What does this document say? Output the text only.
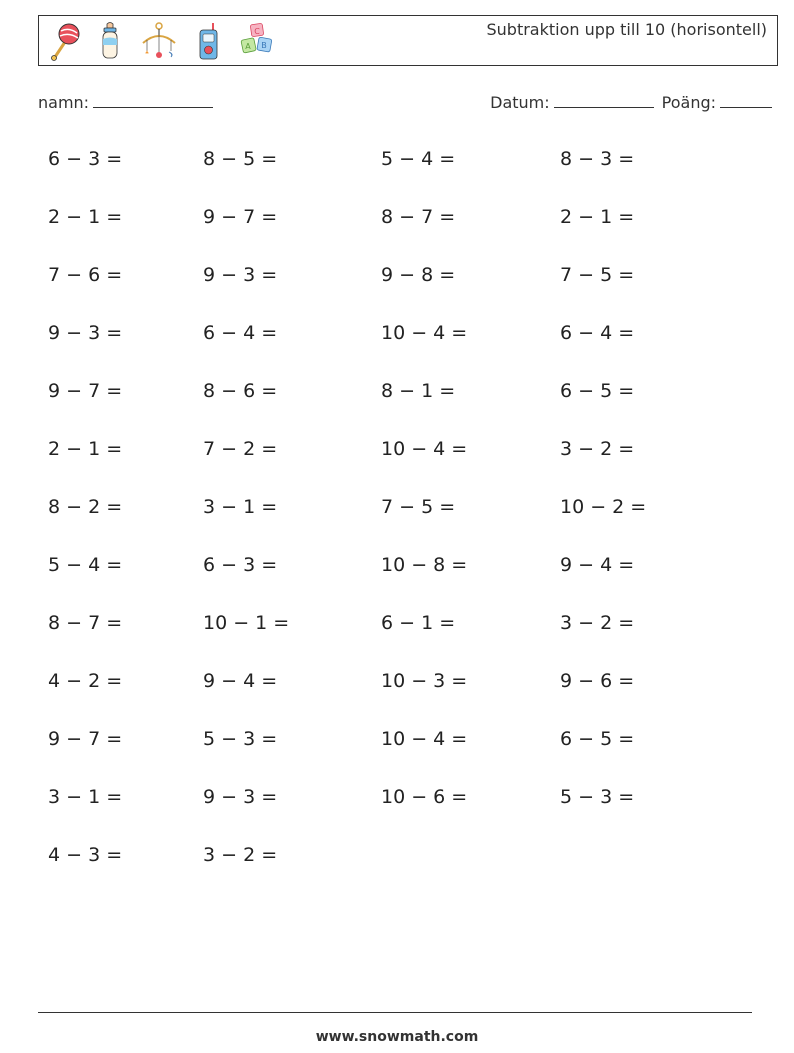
C
A B
Subtraktion upp till 10 (horisontell)
namn:	Datum:	Poäng:
6 − 3 =	8 − 5 =	5 − 4 =	8 − 3 =
2 − 1 =	9 − 7 =	8 − 7 =	2 − 1 =
7 − 6 =	9 − 3 =	9 − 8 =	7 − 5 =
9 − 3 =	6 − 4 =	10 − 4 =	6 − 4 =
9 − 7 =	8 − 6 =	8 − 1 =	6 − 5 =
2 − 1 =	7 − 2 =	10 − 4 =	3 − 2 =
8 − 2 =	3 − 1 =	7 − 5 =	10 − 2 =
5 − 4 =	6 − 3 =	10 − 8 =	9 − 4 =
8 − 7 =	10 − 1 =	6 − 1 =	3 − 2 =
4 − 2 =	9 − 4 =	10 − 3 =	9 − 6 =
9 − 7 =	5 − 3 =	10 − 4 =	6 − 5 =
3 − 1 =	9 − 3 =	10 − 6 =	5 − 3 =
4 − 3 =	3 − 2 =
www.snowmath.com
